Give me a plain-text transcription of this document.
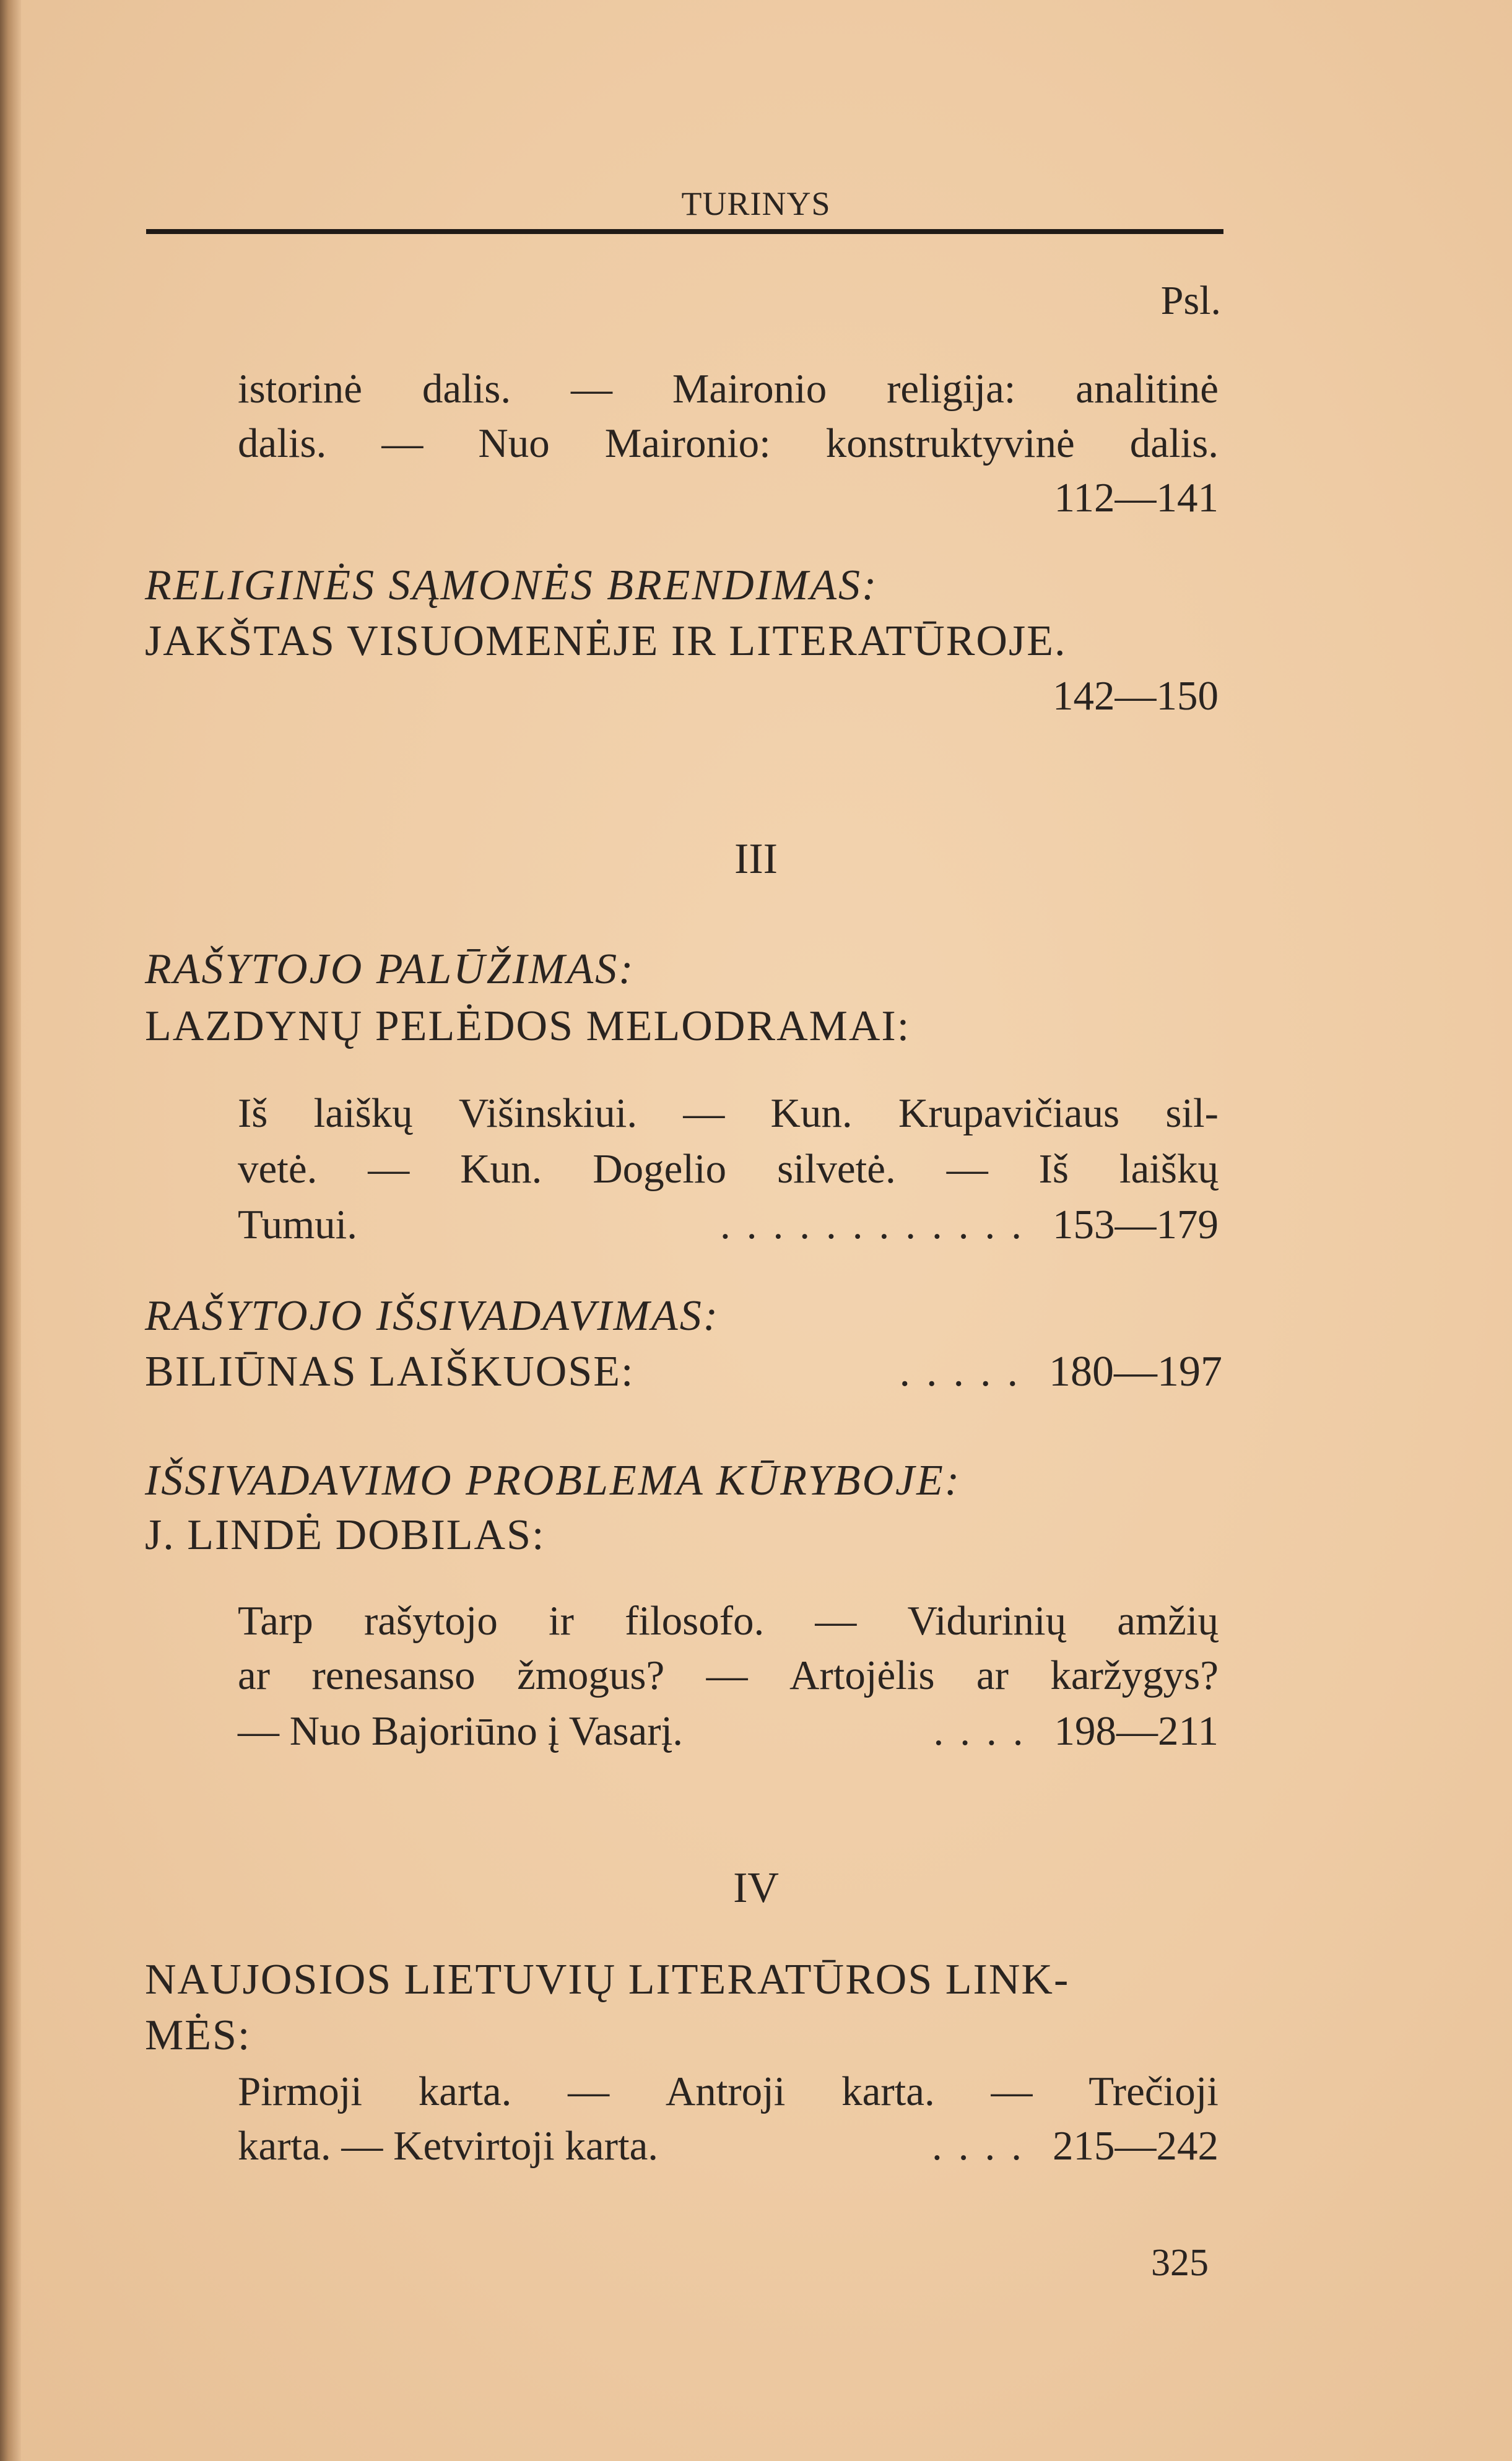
TURINYS
Psl.
istorinė dalis. — Maironio religija: analitinė
dalis. — Nuo Maironio: konstruktyvinė dalis.
112—141
RELIGINĖS SĄMONĖS BRENDIMAS:
JAKŠTAS VISUOMENĖJE IR LITERATŪROJE.
142—150
III
RAŠYTOJO PALŪŽIMAS:
LAZDYNŲ PELĖDOS MELODRAMAI:
Iš laiškų Višinskiui. — Kun. Krupavičiaus sil-
vetė. — Kun. Dogelio silvetė. — Iš laiškų
Tumui.	............ 153—179
RAŠYTOJO IŠSIVADAVIMAS:
BILIŪNAS LAIŠKUOSE:	..... 180—197
IŠSIVADAVIMO PROBLEMA KŪRYBOJE:
J. LINDĖ DOBILAS:
Tarp rašytojo ir filosofo. — Vidurinių amžių
ar renesanso žmogus? — Artojėlis ar karžygys?
— Nuo Bajoriūno į Vasarį.	.... 198—211
IV
NAUJOSIOS LIETUVIŲ LITERATŪROS LINK-
MĖS:
Pirmoji karta. — Antroji karta. — Trečioji
karta. — Ketvirtoji karta.	.... 215—242
325
